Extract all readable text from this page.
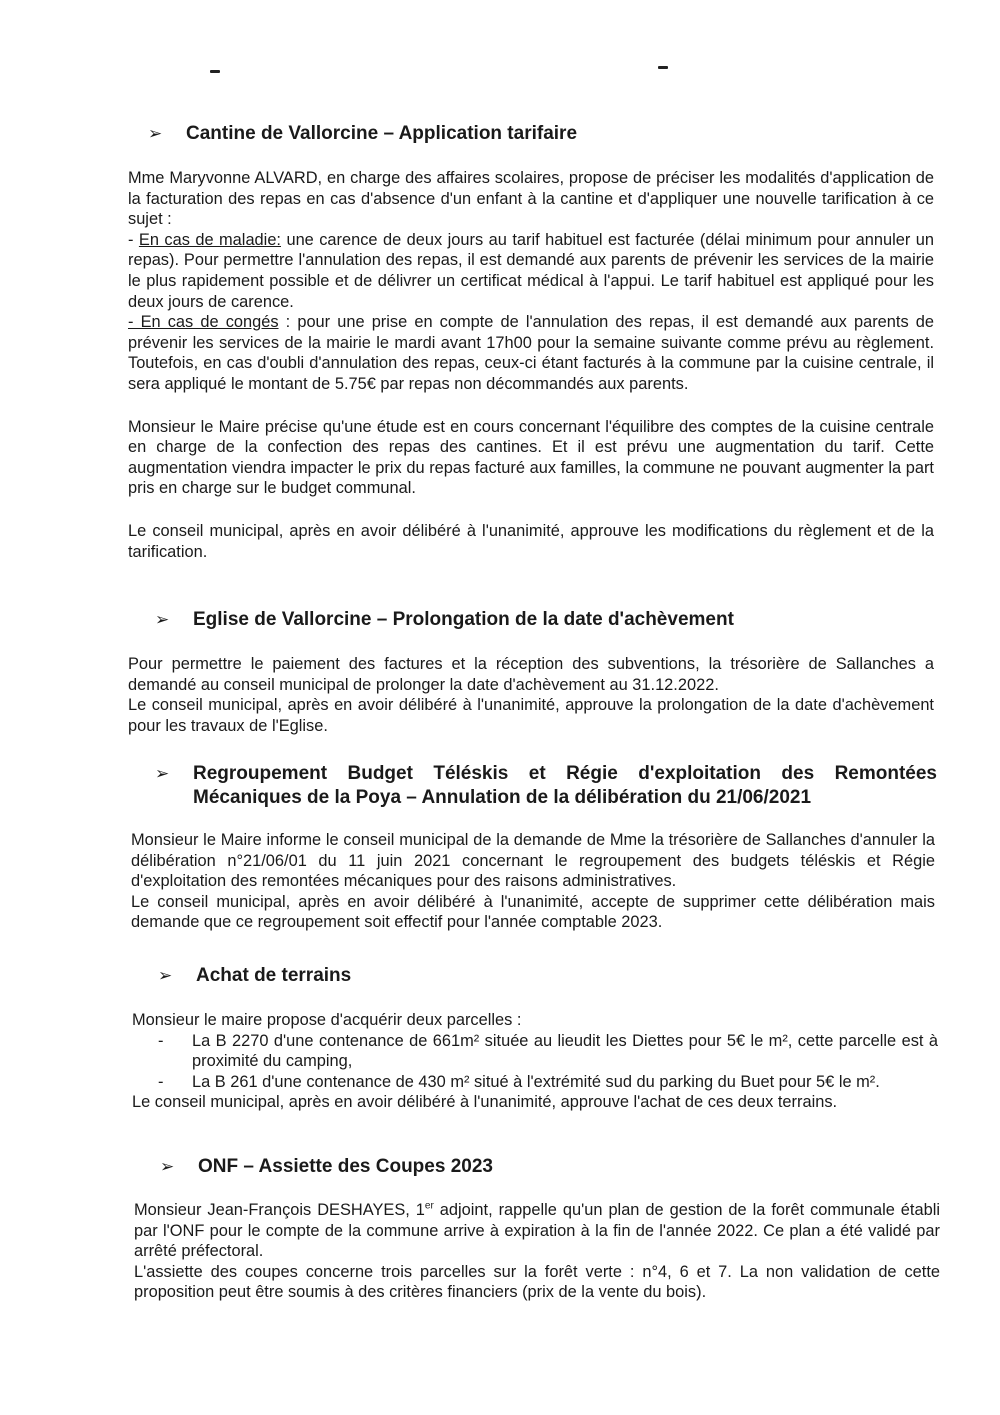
➢ Cantine de Vallorcine – Application tarifaire

Mme Maryvonne ALVARD, en charge des affaires scolaires, propose de préciser les modalités d'application de la facturation des repas en cas d'absence d'un enfant à la cantine et d'appliquer une nouvelle tarification à ce sujet :

- En cas de maladie: une carence de deux jours au tarif habituel est facturée (délai minimum pour annuler un repas). Pour permettre l'annulation des repas, il est demandé aux parents de prévenir les services de la mairie le plus rapidement possible et de délivrer un certificat médical à l'appui. Le tarif habituel est appliqué pour les deux jours de carence.

- En cas de congés : pour une prise en compte de l'annulation des repas, il est demandé aux parents de prévenir les services de la mairie le mardi avant 17h00 pour la semaine suivante comme prévu au règlement. Toutefois, en cas d'oubli d'annulation des repas, ceux-ci étant facturés à la commune par la cuisine centrale, il sera appliqué le montant de 5.75€ par repas non décommandés aux parents.

Monsieur le Maire précise qu'une étude est en cours concernant l'équilibre des comptes de la cuisine centrale en charge de la confection des repas des cantines. Et il est prévu une augmentation du tarif. Cette augmentation viendra impacter le prix du repas facturé aux familles, la commune ne pouvant augmenter la part pris en charge sur le budget communal.

Le conseil municipal, après en avoir délibéré à l'unanimité, approuve les modifications du règlement et de la tarification.

➢ Eglise de Vallorcine – Prolongation de la date d'achèvement

Pour permettre le paiement des factures et la réception des subventions, la trésorière de Sallanches a demandé au conseil municipal de prolonger la date d'achèvement au 31.12.2022.

Le conseil municipal, après en avoir délibéré à l'unanimité, approuve la prolongation de la date d'achèvement pour les travaux de l'Eglise.

➢ Regroupement Budget Téléskis et Régie d'exploitation des Remontées Mécaniques de la Poya – Annulation de la délibération du 21/06/2021

Monsieur le Maire informe le conseil municipal de la demande de Mme la trésorière de Sallanches d'annuler la délibération n°21/06/01 du 11 juin 2021 concernant le regroupement des budgets téléskis et Régie d'exploitation des remontées mécaniques pour des raisons administratives.

Le conseil municipal, après en avoir délibéré à l'unanimité, accepte de supprimer cette délibération mais demande que ce regroupement soit effectif pour l'année comptable 2023.

➢ Achat de terrains

Monsieur le maire propose d'acquérir deux parcelles :

- La B 2270 d'une contenance de 661m² située au lieudit les Diettes pour 5€ le m², cette parcelle est à proximité du camping,
- La B 261 d'une contenance de 430 m² situé à l'extrémité sud du parking du Buet pour 5€ le m².

Le conseil municipal, après en avoir délibéré à l'unanimité, approuve l'achat de ces deux terrains.

➢ ONF – Assiette des Coupes 2023

Monsieur Jean-François DESHAYES, 1er adjoint, rappelle qu'un plan de gestion de la forêt communale établi par l'ONF pour le compte de la commune arrive à expiration à la fin de l'année 2022. Ce plan a été validé par arrêté préfectoral.

L'assiette des coupes concerne trois parcelles sur la forêt verte : n°4, 6 et 7. La non validation de cette proposition peut être soumis à des critères financiers (prix de la vente du bois).
